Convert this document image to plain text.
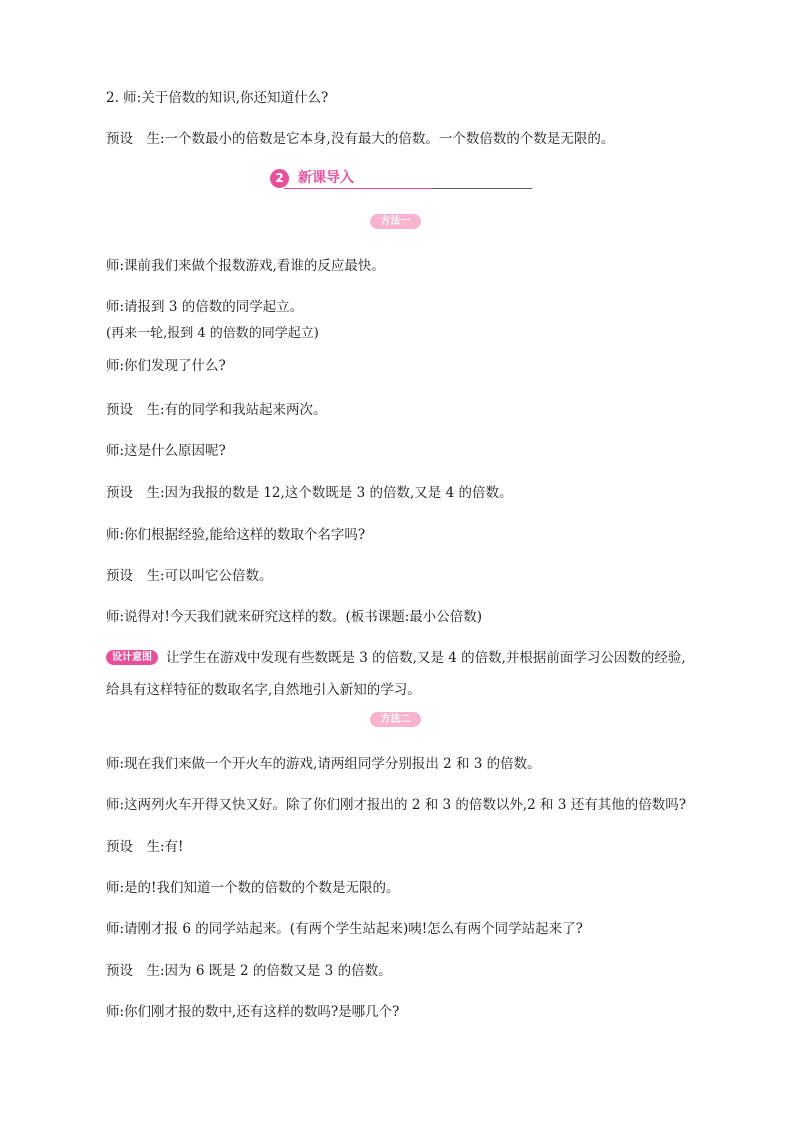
2. 师:关于倍数的知识,你还知道什么?
预设　生:一个数最小的倍数是它本身,没有最大的倍数。一个数倍数的个数是无限的。
2	新课导入
方法一
师:课前我们来做个报数游戏,看谁的反应最快。
师:请报到 3 的倍数的同学起立。
(再来一轮,报到 4 的倍数的同学起立)
师:你们发现了什么?
预设　生:有的同学和我站起来两次。
师:这是什么原因呢?
预设　生:因为我报的数是 12,这个数既是 3 的倍数,又是 4 的倍数。
师:你们根据经验,能给这样的数取个名字吗?
预设　生:可以叫它公倍数。
师:说得对!今天我们就来研究这样的数。(板书课题:最小公倍数)
设计意图	让学生在游戏中发现有些数既是 3 的倍数,又是 4 的倍数,并根据前面学习公因数的经验,
给具有这样特征的数取名字,自然地引入新知的学习。
方法二
师:现在我们来做一个开火车的游戏,请两组同学分别报出 2 和 3 的倍数。
师:这两列火车开得又快又好。除了你们刚才报出的 2 和 3 的倍数以外,2 和 3 还有其他的倍数吗?
预设　生:有!
师:是的!我们知道一个数的倍数的个数是无限的。
师:请刚才报 6 的同学站起来。(有两个学生站起来)咦!怎么有两个同学站起来了?
预设　生:因为 6 既是 2 的倍数又是 3 的倍数。
师:你们刚才报的数中,还有这样的数吗?是哪几个?
